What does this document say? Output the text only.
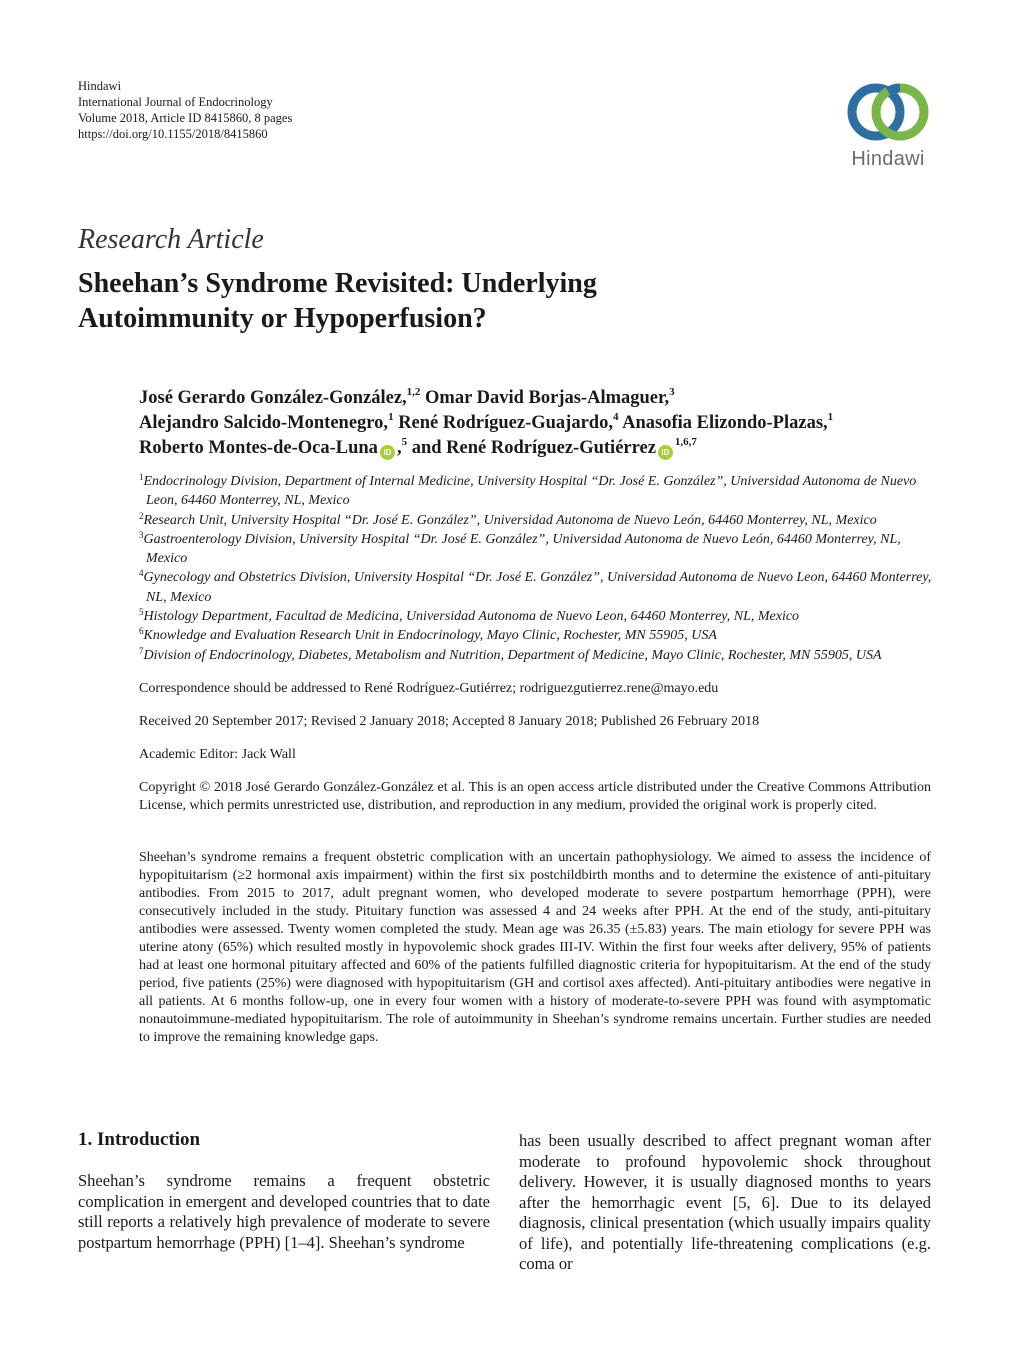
Hindawi
International Journal of Endocrinology
Volume 2018, Article ID 8415860, 8 pages
https://doi.org/10.1155/2018/8415860
Hindawi
Research Article
Sheehan’s Syndrome Revisited: Underlying Autoimmunity or Hypoperfusion?
José Gerardo González-González,$^{1,2}$ Omar David Borjas-Almaguer,$^3$
Alejandro Salcido-Montenegro,$^1$ René Rodríguez-Guajardo,$^4$ Anasofia Elizondo-Plazas,$^1$
Roberto Montes-de-Oca-Luna iD ,$^5$ and René Rodríguez-Gutiérrez iD$^{1,6,7}$
$^1$Endocrinology Division, Department of Internal Medicine, University Hospital “Dr. José E. González”, Universidad Autonoma de Nuevo Leon, 64460 Monterrey, NL, Mexico
$^2$Research Unit, University Hospital “Dr. José E. González”, Universidad Autonoma de Nuevo León, 64460 Monterrey, NL, Mexico
$^3$Gastroenterology Division, University Hospital “Dr. José E. González”, Universidad Autonoma de Nuevo León, 64460 Monterrey, NL, Mexico
$^4$Gynecology and Obstetrics Division, University Hospital “Dr. José E. González”, Universidad Autonoma de Nuevo Leon, 64460 Monterrey, NL, Mexico
$^5$Histology Department, Facultad de Medicina, Universidad Autonoma de Nuevo Leon, 64460 Monterrey, NL, Mexico
$^6$Knowledge and Evaluation Research Unit in Endocrinology, Mayo Clinic, Rochester, MN 55905, USA
$^7$Division of Endocrinology, Diabetes, Metabolism and Nutrition, Department of Medicine, Mayo Clinic, Rochester, MN 55905, USA
Correspondence should be addressed to René Rodríguez-Gutiérrez; rodriguezgutierrez.rene@mayo.edu
Received 20 September 2017; Revised 2 January 2018; Accepted 8 January 2018; Published 26 February 2018
Academic Editor: Jack Wall
Copyright © 2018 José Gerardo González-González et al. This is an open access article distributed under the Creative Commons Attribution License, which permits unrestricted use, distribution, and reproduction in any medium, provided the original work is properly cited.
Sheehan’s syndrome remains a frequent obstetric complication with an uncertain pathophysiology. We aimed to assess the incidence of hypopituitarism (≥2 hormonal axis impairment) within the first six postchildbirth months and to determine the existence of anti-pituitary antibodies. From 2015 to 2017, adult pregnant women, who developed moderate to severe postpartum hemorrhage (PPH), were consecutively included in the study. Pituitary function was assessed 4 and 24 weeks after PPH. At the end of the study, anti-pituitary antibodies were assessed. Twenty women completed the study. Mean age was 26.35 (±5.83) years. The main etiology for severe PPH was uterine atony (65%) which resulted mostly in hypovolemic shock grades III-IV. Within the first four weeks after delivery, 95% of patients had at least one hormonal pituitary affected and 60% of the patients fulfilled diagnostic criteria for hypopituitarism. At the end of the study period, five patients (25%) were diagnosed with hypopituitarism (GH and cortisol axes affected). Anti-pituitary antibodies were negative in all patients. At 6 months follow-up, one in every four women with a history of moderate-to-severe PPH was found with asymptomatic nonautoimmune-mediated hypopituitarism. The role of autoimmunity in Sheehan’s syndrome remains uncertain. Further studies are needed to improve the remaining knowledge gaps.
1. Introduction
Sheehan’s syndrome remains a frequent obstetric complication in emergent and developed countries that to date still reports a relatively high prevalence of moderate to severe postpartum hemorrhage (PPH) [1–4]. Sheehan’s syndrome
has been usually described to affect pregnant woman after moderate to profound hypovolemic shock throughout delivery. However, it is usually diagnosed months to years after the hemorrhagic event [5, 6]. Due to its delayed diagnosis, clinical presentation (which usually impairs quality of life), and potentially life-threatening complications (e.g. coma or
